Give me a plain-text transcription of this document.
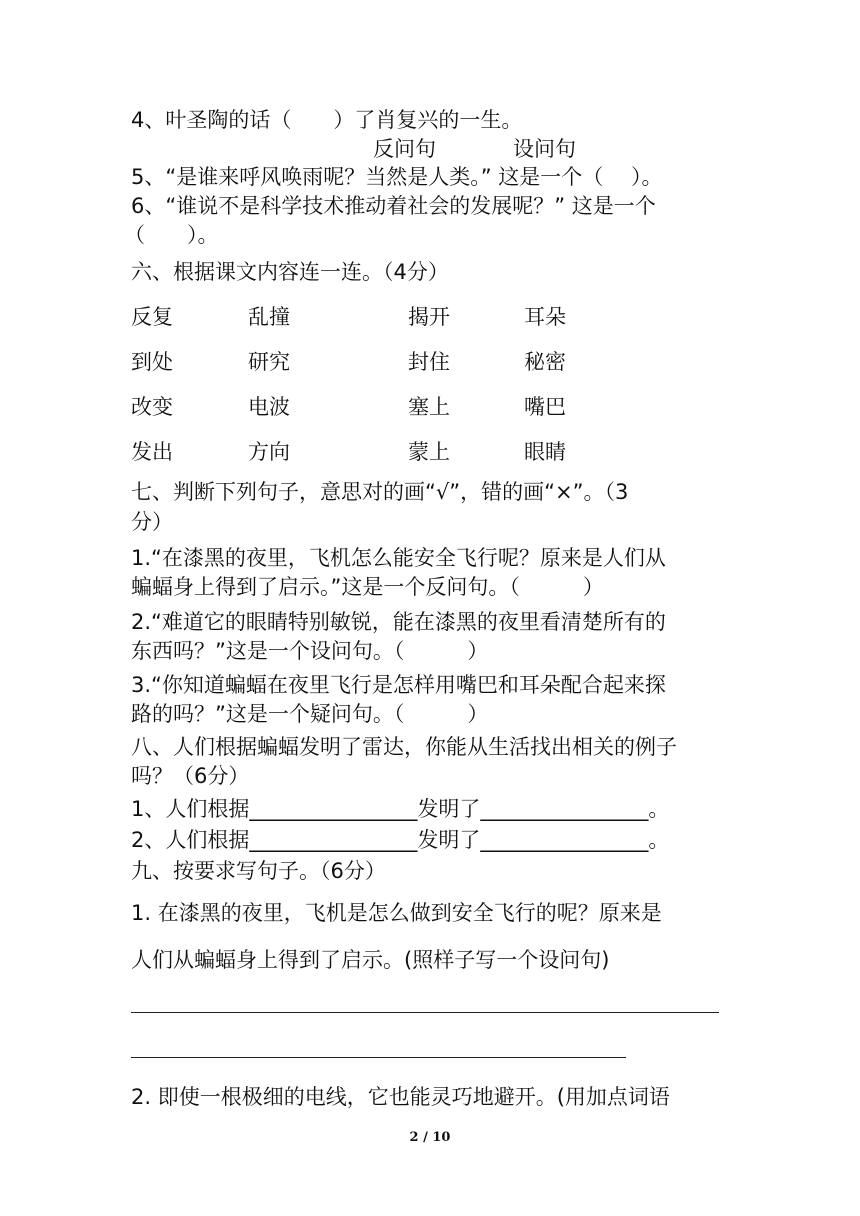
4、叶圣陶的话（　　）了肖复兴的一生。
反问句	设问句
5、“是谁来呼风唤雨呢？当然是人类。” 这是一个（　 ）。
6、“谁说不是科学技术推动着社会的发展呢？” 这是一个
（　　）。
六、根据课文内容连一连。（4分）
反复	乱撞	揭开	耳朵
到处	研究	封住	秘密
改变	电波	塞上	嘴巴
发出	方向	蒙上	眼睛
七、判断下列句子，意思对的画“√”，错的画“×”。（3
分）
1.“在漆黑的夜里，飞机怎么能安全飞行呢？原来是人们从
蝙蝠身上得到了启示。”这是一个反问句。（　　　）
2.“难道它的眼睛特别敏锐，能在漆黑的夜里看清楚所有的
东西吗？”这是一个设问句。（　　　）
3.“你知道蝙蝠在夜里飞行是怎样用嘴巴和耳朵配合起来探
路的吗？”这是一个疑问句。（　　　）
八、人们根据蝙蝠发明了雷达，你能从生活找出相关的例子
吗？（6分）
1、人们根据________________发明了________________。
2、人们根据________________发明了________________。
九、按要求写句子。（6分）
1. 在漆黑的夜里，飞机是怎么做到安全飞行的呢？原来是
人们从蝙蝠身上得到了启示。(照样子写一个设问句)
2. 即使一根极细的电线，它也能灵巧地避开。(用加点词语
2 / 10
